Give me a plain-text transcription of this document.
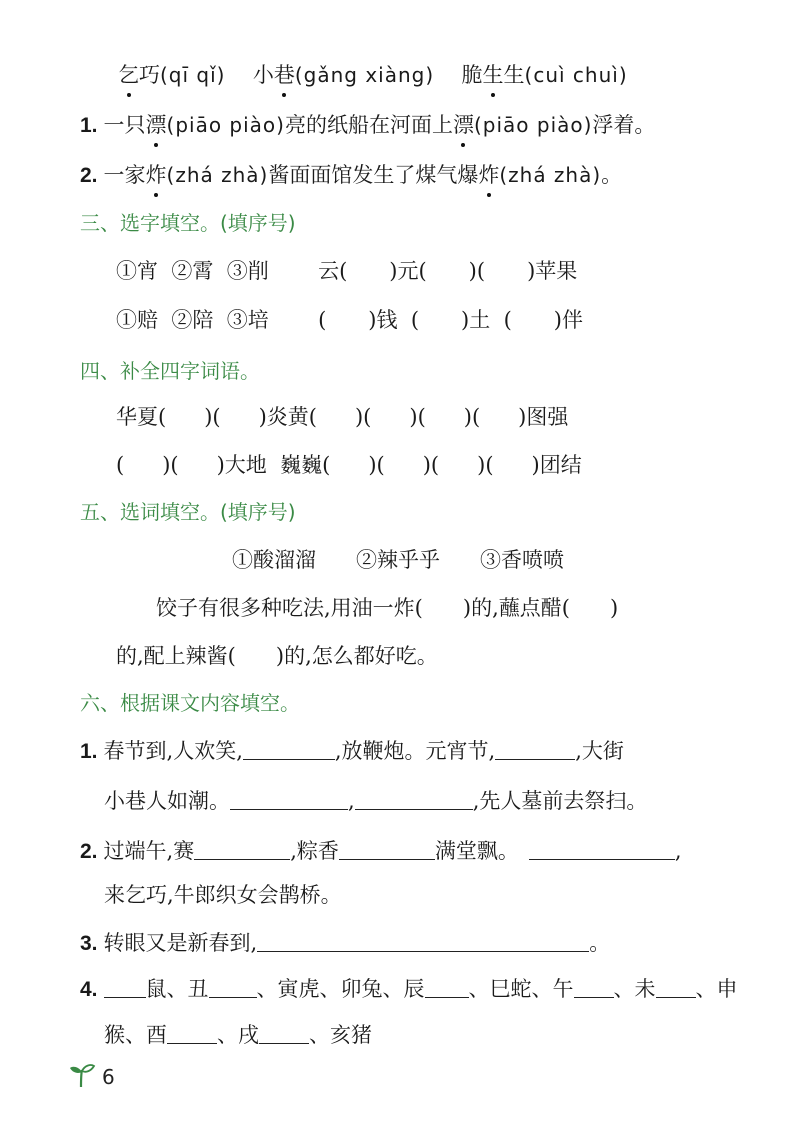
乞巧(qī qǐ) 小巷(gǎng xiàng) 脆生生(cuì chuì)
1. 一只漂(piāo piào)亮的纸船在河面上漂(piāo piào)浮着。
2. 一家炸(zhá zhà)酱面面馆发生了煤气爆炸(zhá zhà)。
三、选字填空。(填序号)
①宵  ②霄  ③削 云( )元( )( )苹果
①赔  ②陪  ③培 ( )钱  ( )土  ( )伴
四、补全四字词语。
华夏( )( )炎黄( )( )( )( )图强
( )( )大地  巍巍( )( )( )( )团结
五、选词填空。(填序号)
①酸溜溜 ②辣乎乎 ③香喷喷
饺子有很多种吃法,用油一炸( )的,蘸点醋( )
的,配上辣酱( )的,怎么都好吃。
六、根据课文内容填空。
1. 春节到,人欢笑,	,放鞭炮。元宵节,	,大街
小巷人如潮。	,	,先人墓前去祭扫。
2. 过端午,赛	,粽香	满堂飘。	,
来乞巧,牛郎织女会鹊桥。
3. 转眼又是新春到,	。
4. 鼠、丑 、寅虎、卯兔、辰 、巳蛇、午 、未 、申
猴、酉 、戌 、亥猪
6
